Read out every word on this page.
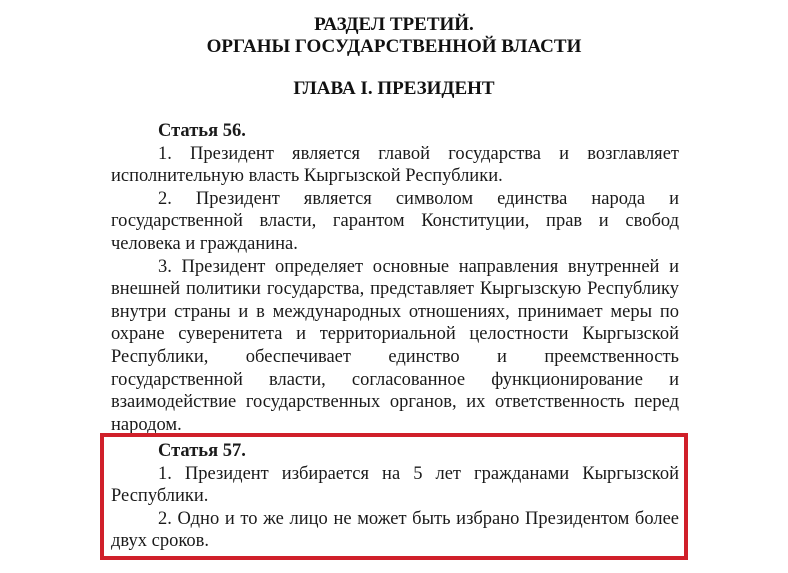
РАЗДЕЛ ТРЕТИЙ.
ОРГАНЫ ГОСУДАРСТВЕННОЙ ВЛАСТИ
ГЛАВА I. ПРЕЗИДЕНТ
Статья 56.

1. Президент является главой государства и возглавляет исполнительную власть Кыргызской Республики.

2. Президент является символом единства народа и государственной власти, гарантом Конституции, прав и свобод человека и гражданина.

3. Президент определяет основные направления внутренней и внешней политики государства, представляет Кыргызскую Республику внутри страны и в международных отношениях, принимает меры по охране суверенитета и территориальной целостности Кыргызской Республики, обеспечивает единство и преемственность государственной власти, согласованное функционирование и взаимодействие государственных органов, их ответственность перед народом.

Статья 57.

1. Президент избирается на 5 лет гражданами Кыргызской Республики.

2. Одно и то же лицо не может быть избрано Президентом более двух сроков.
